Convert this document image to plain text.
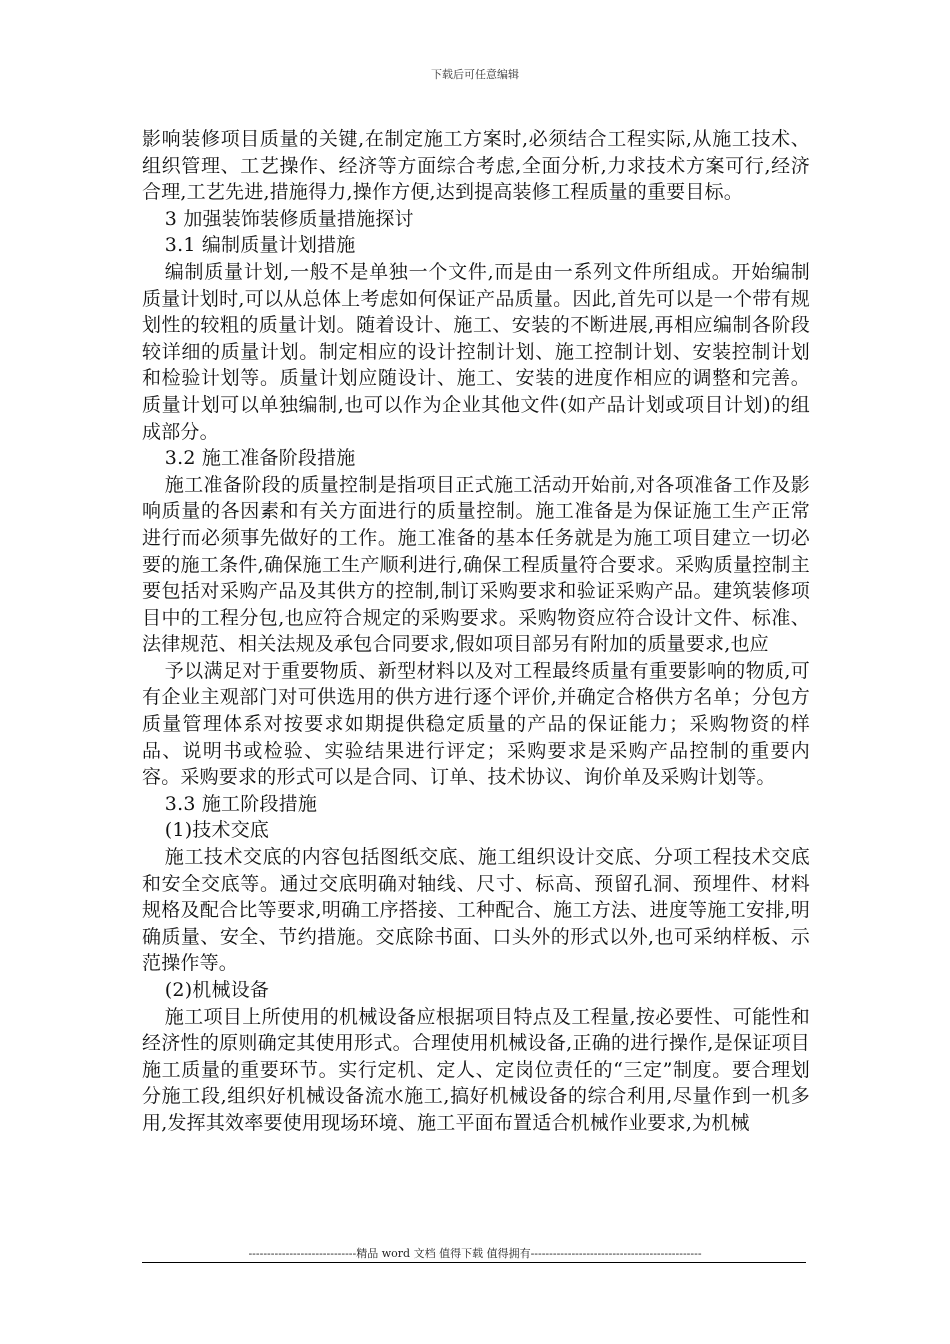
下载后可任意编辑

影响装修项目质量的关键,在制定施工方案时,必须结合工程实际,从施工技术、组织管理、工艺操作、经济等方面综合考虑,全面分析,力求技术方案可行,经济合理,工艺先进,措施得力,操作方便,达到提高装修工程质量的重要目标。

3 加强装饰装修质量措施探讨

3.1 编制质量计划措施

编制质量计划,一般不是单独一个文件,而是由一系列文件所组成。开始编制质量计划时,可以从总体上考虑如何保证产品质量。因此,首先可以是一个带有规划性的较粗的质量计划。随着设计、施工、安装的不断进展,再相应编制各阶段较详细的质量计划。制定相应的设计控制计划、施工控制计划、安装控制计划和检验计划等。质量计划应随设计、施工、安装的进度作相应的调整和完善。质量计划可以单独编制,也可以作为企业其他文件(如产品计划或项目计划)的组成部分。

3.2 施工准备阶段措施

施工准备阶段的质量控制是指项目正式施工活动开始前,对各项准备工作及影响质量的各因素和有关方面进行的质量控制。施工准备是为保证施工生产正常进行而必须事先做好的工作。施工准备的基本任务就是为施工项目建立一切必要的施工条件,确保施工生产顺利进行,确保工程质量符合要求。采购质量控制主要包括对采购产品及其供方的控制,制订采购要求和验证采购产品。建筑装修项目中的工程分包,也应符合规定的采购要求。采购物资应符合设计文件、标准、法律规范、相关法规及承包合同要求,假如项目部另有附加的质量要求,也应

予以满足对于重要物质、新型材料以及对工程最终质量有重要影响的物质,可有企业主观部门对可供选用的供方进行逐个评价,并确定合格供方名单；分包方质量管理体系对按要求如期提供稳定质量的产品的保证能力；采购物资的样品、说明书或检验、实验结果进行评定；采购要求是采购产品控制的重要内容。采购要求的形式可以是合同、订单、技术协议、询价单及采购计划等。

3.3 施工阶段措施

(1)技术交底

施工技术交底的内容包括图纸交底、施工组织设计交底、分项工程技术交底和安全交底等。通过交底明确对轴线、尺寸、标高、预留孔洞、预埋件、材料规格及配合比等要求,明确工序搭接、工种配合、施工方法、进度等施工安排,明确质量、安全、节约措施。交底除书面、口头外的形式以外,也可采纳样板、示范操作等。

(2)机械设备

施工项目上所使用的机械设备应根据项目特点及工程量,按必要性、可能性和经济性的原则确定其使用形式。合理使用机械设备,正确的进行操作,是保证项目施工质量的重要环节。实行定机、定人、定岗位责任的“三定”制度。要合理划分施工段,组织好机械设备流水施工,搞好机械设备的综合利用,尽量作到一机多用,发挥其效率要使用现场环境、施工平面布置适合机械作业要求,为机械

-----------------------------精品 word 文档 值得下载 值得拥有----------------------------------------------
